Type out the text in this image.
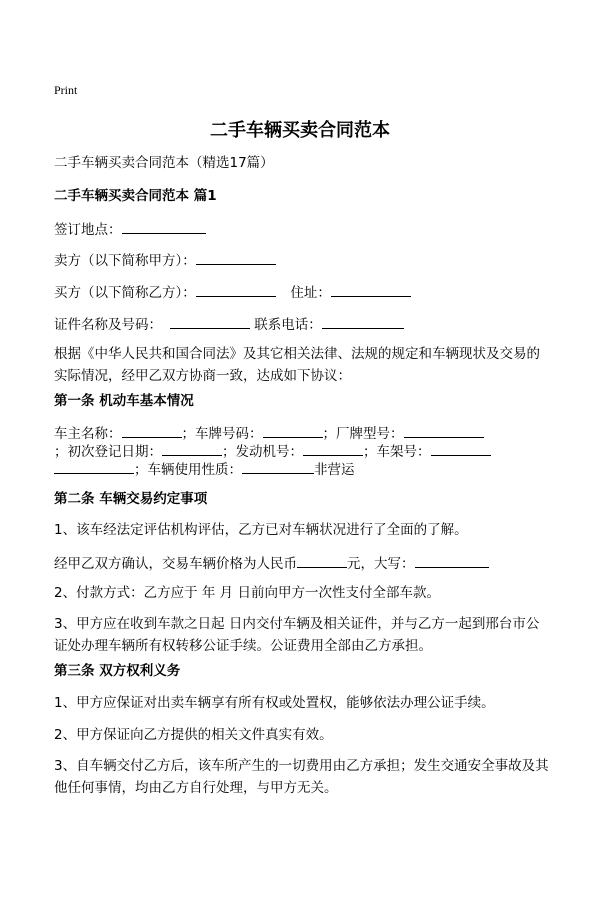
Print
二手车辆买卖合同范本
二手车辆买卖合同范本（精选17篇）
二手车辆买卖合同范本 篇1
签订地点：
卖方（以下简称甲方）：
买方（以下简称乙方）：	住址：
证件名称及号码：	联系电话：
根据《中华人民共和国合同法》及其它相关法律、法规的规定和车辆现状及交易的实际情况，经甲乙双方协商一致，达成如下协议：
第一条 机动车基本情况
车主名称：	；车牌号码：	；厂牌型号：
；初次登记日期：	；发动机号：	；车架号：
；车辆使用性质：	非营运
第二条 车辆交易约定事项
1、该车经法定评估机构评估，乙方已对车辆状况进行了全面的了解。
经甲乙双方确认，交易车辆价格为人民币	元，大写：
2、付款方式：乙方应于 年 月 日前向甲方一次性支付全部车款。
3、甲方应在收到车款之日起 日内交付车辆及相关证件，并与乙方一起到邢台市公证处办理车辆所有权转移公证手续。公证费用全部由乙方承担。
第三条 双方权利义务
1、甲方应保证对出卖车辆享有所有权或处置权，能够依法办理公证手续。
2、甲方保证向乙方提供的相关文件真实有效。
3、自车辆交付乙方后，该车所产生的一切费用由乙方承担；发生交通安全事故及其他任何事情，均由乙方自行处理，与甲方无关。
